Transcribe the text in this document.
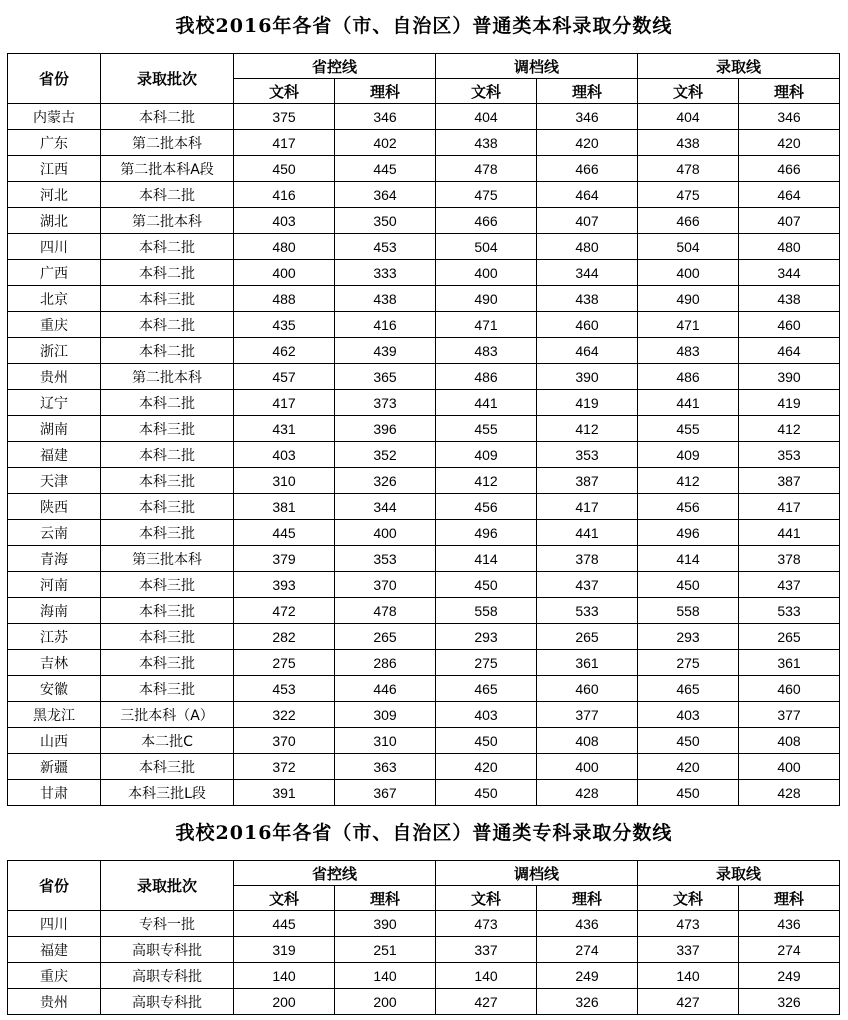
我校2016年各省（市、自治区）普通类本科录取分数线
省份	录取批次	省控线		调档线		录取线	
		文科	理科	文科	理科	文科	理科
内蒙古	本科二批	375	346	404	346	404	346
广东	第二批本科	417	402	438	420	438	420
江西	第二批本科A段	450	445	478	466	478	466
河北	本科二批	416	364	475	464	475	464
湖北	第二批本科	403	350	466	407	466	407
四川	本科二批	480	453	504	480	504	480
广西	本科二批	400	333	400	344	400	344
北京	本科三批	488	438	490	438	490	438
重庆	本科二批	435	416	471	460	471	460
浙江	本科二批	462	439	483	464	483	464
贵州	第二批本科	457	365	486	390	486	390
辽宁	本科二批	417	373	441	419	441	419
湖南	本科三批	431	396	455	412	455	412
福建	本科二批	403	352	409	353	409	353
天津	本科三批	310	326	412	387	412	387
陕西	本科三批	381	344	456	417	456	417
云南	本科三批	445	400	496	441	496	441
青海	第三批本科	379	353	414	378	414	378
河南	本科三批	393	370	450	437	450	437
海南	本科三批	472	478	558	533	558	533
江苏	本科三批	282	265	293	265	293	265
吉林	本科三批	275	286	275	361	275	361
安徽	本科三批	453	446	465	460	465	460
黑龙江	三批本科（A）	322	309	403	377	403	377
山西	本二批C	370	310	450	408	450	408
新疆	本科三批	372	363	420	400	420	400
甘肃	本科三批L段	391	367	450	428	450	428
我校2016年各省（市、自治区）普通类专科录取分数线
省份	录取批次	省控线		调档线		录取线	
		文科	理科	文科	理科	文科	理科
四川	专科一批	445	390	473	436	473	436
福建	高职专科批	319	251	337	274	337	274
重庆	高职专科批	140	140	140	249	140	249
贵州	高职专科批	200	200	427	326	427	326
